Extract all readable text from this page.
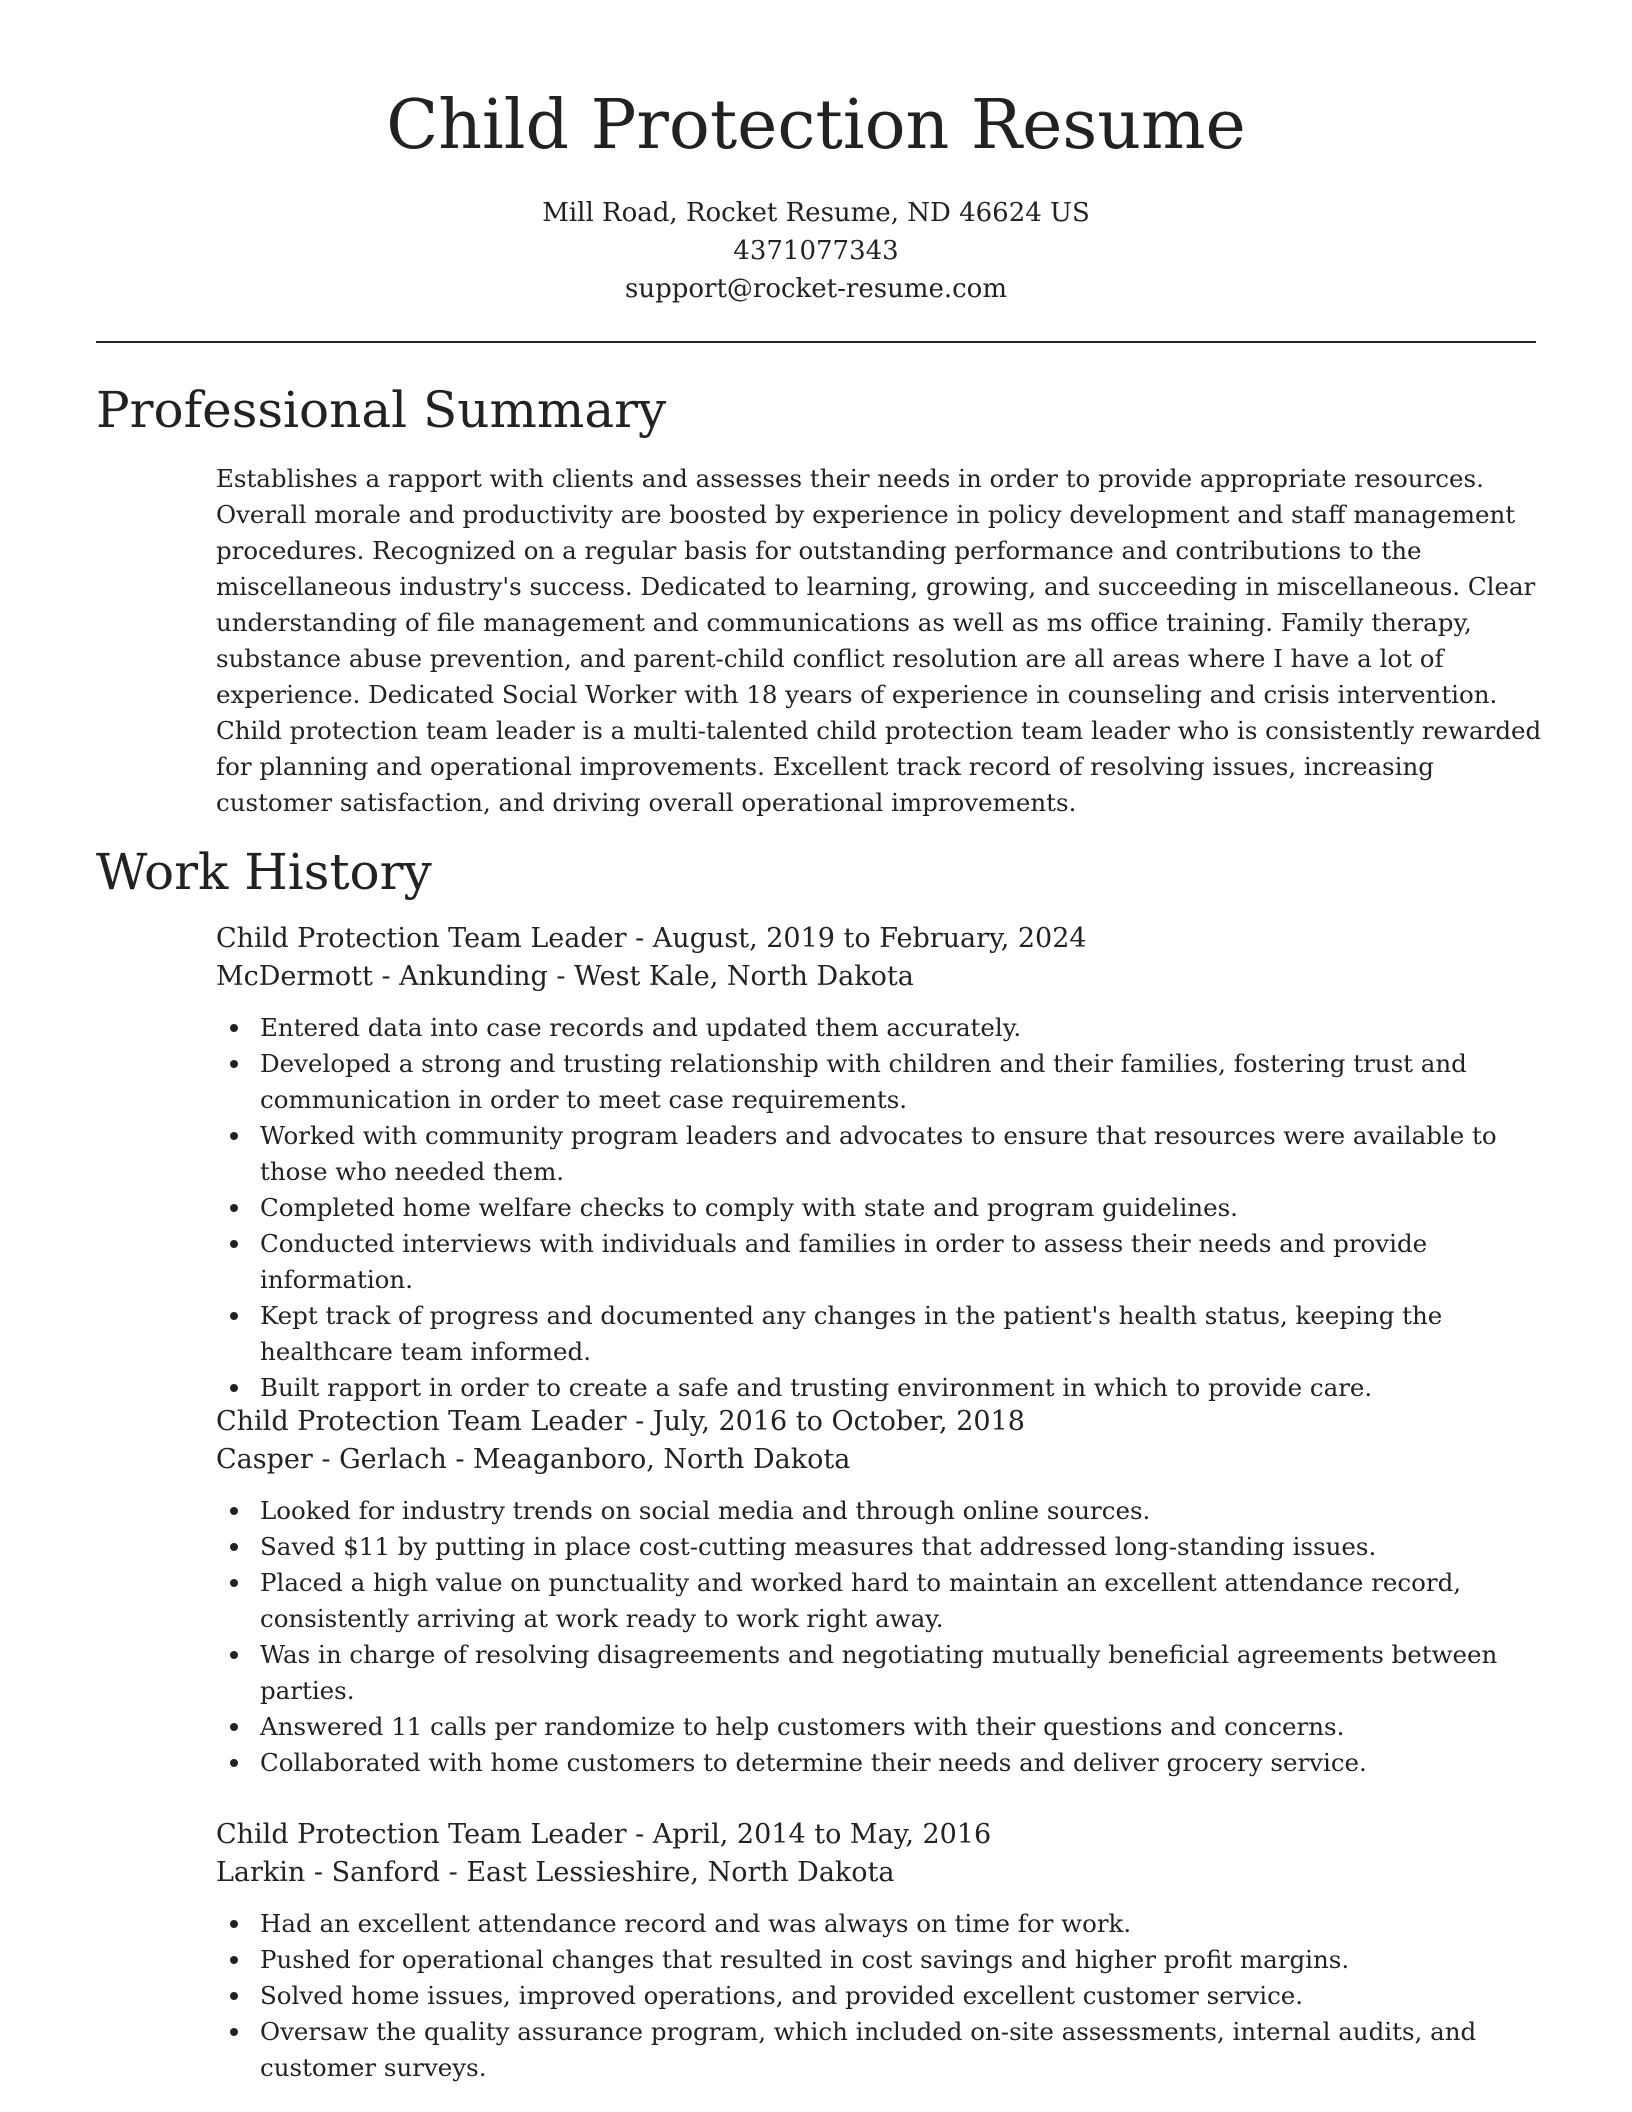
Child Protection Resume
Mill Road, Rocket Resume, ND 46624 US
4371077343
support@rocket-resume.com
Professional Summary

Establishes a rapport with clients and assesses their needs in order to provide appropriate resources. Overall morale and productivity are boosted by experience in policy development and staff management procedures. Recognized on a regular basis for outstanding performance and contributions to the miscellaneous industry's success. Dedicated to learning, growing, and succeeding in miscellaneous. Clear understanding of file management and communications as well as ms office training. Family therapy, substance abuse prevention, and parent-child conflict resolution are all areas where I have a lot of experience. Dedicated Social Worker with 18 years of experience in counseling and crisis intervention. Child protection team leader is a multi-talented child protection team leader who is consistently rewarded for planning and operational improvements. Excellent track record of resolving issues, increasing customer satisfaction, and driving overall operational improvements.

Work History

Child Protection Team Leader - August, 2019 to February, 2024

McDermott - Ankunding - West Kale, North Dakota

Entered data into case records and updated them accurately.
Developed a strong and trusting relationship with children and their families, fostering trust and communication in order to meet case requirements.
Worked with community program leaders and advocates to ensure that resources were available to those who needed them.
Completed home welfare checks to comply with state and program guidelines.
Conducted interviews with individuals and families in order to assess their needs and provide information.
Kept track of progress and documented any changes in the patient's health status, keeping the healthcare team informed.
Built rapport in order to create a safe and trusting environment in which to provide care.

Child Protection Team Leader - July, 2016 to October, 2018

Casper - Gerlach - Meaganboro, North Dakota

Looked for industry trends on social media and through online sources.
Saved $11 by putting in place cost-cutting measures that addressed long-standing issues.
Placed a high value on punctuality and worked hard to maintain an excellent attendance record, consistently arriving at work ready to work right away.
Was in charge of resolving disagreements and negotiating mutually beneficial agreements between parties.
Answered 11 calls per randomize to help customers with their questions and concerns.
Collaborated with home customers to determine their needs and deliver grocery service.

Child Protection Team Leader - April, 2014 to May, 2016

Larkin - Sanford - East Lessieshire, North Dakota

Had an excellent attendance record and was always on time for work.
Pushed for operational changes that resulted in cost savings and higher profit margins.
Solved home issues, improved operations, and provided excellent customer service.
Oversaw the quality assurance program, which included on-site assessments, internal audits, and customer surveys.
